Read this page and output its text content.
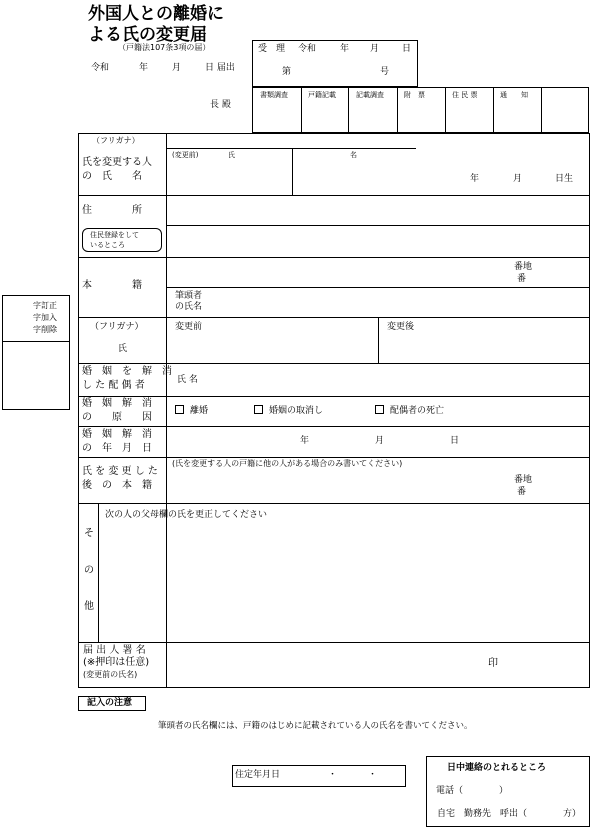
外国人との離婚に
よる氏の変更届
（戸籍法107条3項の届）
令和	年	月	日 届出
長 殿
受　理 令和	年 月	日
第	号
書類調査	戸籍記載	記載調査	附　票	住 民 票	通　　知
字訂正
字加入
字削除
（フリガナ）
氏を変更する人
の　氏　　名
(変更前)	氏	名
年	月	日生
住　　　　所
住民登録をして
いるところ
本　　　　籍
番地
番
筆頭者
の氏名
（フリガナ）
氏
変更前	変更後
婚　姻　を　解　消
し た 配 偶 者	氏 名
婚　姻　解　消
の　　原　　因
離婚	婚姻の取消し	配偶者の死亡
婚　姻　解　消
の　年　月　日
年	月	日
氏 を 変 更 し た
後　の　本　籍
(氏を変更する人の戸籍に他の人がある場合のみ書いてください)
番地
番
そ
の
他
次の人の父母欄の氏を更正してください
届 出 人 署 名
(※押印は任意)
(変更前の氏名)
印
記入の注意
筆頭者の氏名欄には、戸籍のはじめに記載されている人の氏名を書いてください。
住定年月日	・	・
日中連絡のとれるところ
電話（　　　　）
自宅　勤務先　呼出（　　　　方）
